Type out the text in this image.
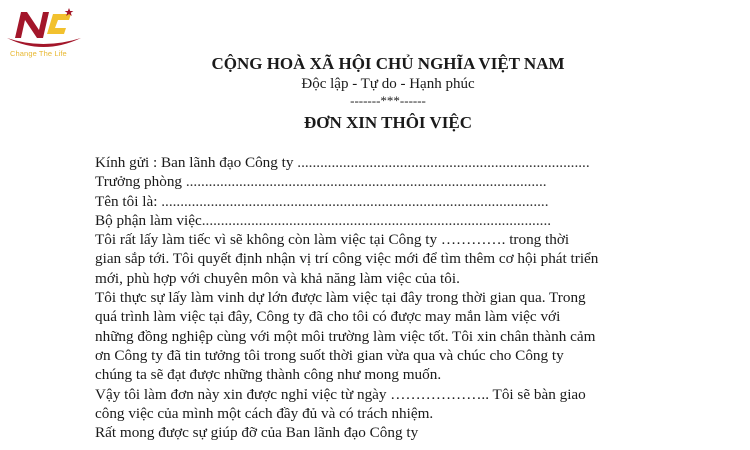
Change The Life
CỘNG HOÀ XÃ HỘI CHỦ NGHĨA VIỆT NAM
Độc lập - Tự do - Hạnh phúc
-------***------
ĐƠN XIN THÔI VIỆC
Kính gửi : Ban lãnh đạo Công ty .............................................................................
Trưởng phòng ...............................................................................................
Tên tôi là: ......................................................................................................
Bộ phận làm việc............................................................................................
Tôi rất lấy làm tiếc vì sẽ không còn làm việc tại Công ty …………. trong thời
gian sắp tới. Tôi quyết định nhận vị trí công việc mới để tìm thêm cơ hội phát triển
mới, phù hợp với chuyên môn và khả năng làm việc của tôi.
Tôi thực sự lấy làm vinh dự lớn được làm việc tại đây trong thời gian qua. Trong
quá trình làm việc tại đây, Công ty đã cho tôi có được may mắn làm việc với
những đồng nghiệp cùng với một môi trường làm việc tốt. Tôi xin chân thành cảm
ơn Công ty đã tin tưởng tôi trong suốt thời gian vừa qua và chúc cho Công ty
chúng ta sẽ đạt được những thành công như mong muốn.
Vậy tôi làm đơn này xin được nghỉ việc từ ngày ……………….. Tôi sẽ bàn giao
công việc của mình một cách đầy đủ và có trách nhiệm.
Rất mong được sự giúp đỡ của Ban lãnh đạo Công ty
